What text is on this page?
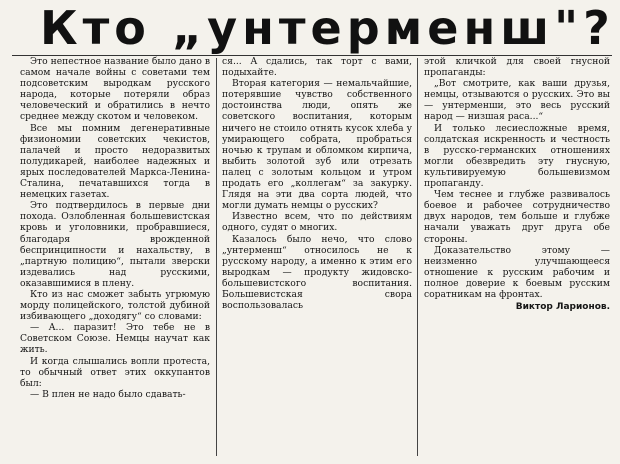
Кто „унтерменш"?

Это непестное название было дано в самом начале войны с советами тем подсоветским выродкам русского народа, которые потеряли образ человеческий и обратились в нечто среднее между скотом и человеком.

Все мы помним дегенеративные физиономии советских чекистов, палачей и просто недоразвитых полудикарей, наиболее надежных и ярых последователей Маркса-Ленина-Сталина, печатавшихся тогда в немецких газетах.

Это подтвердилось в первые дни похода. Озлобленная большевистская кровь и уголовники, пробравшиеся, благодаря врожденной беспринципности и нахальству, в „партную полицию“, пытали зверски издевались над русскими, оказавшимися в плену.

Кто из нас сможет забыть угрюмую морду полицейского, толстой дубиной избивающего „доходягу“ со словами:

— А... паразит! Это тебе не в Советском Союзе. Немцы научат как жить.

И когда слышались вопли протеста, то обычный ответ этих оккупантов был:

— В плен не надо было сдавать-

ся... А сдались, так торт с вами, подыхайте.

Вторая категория — немальчайшие, потерявшие чувство собственного достоинства люди, опять же советского воспитания, которым ничего не стоило отнять кусок хлеба у умирающего собрата, пробраться ночью к трупам и обломком кирпича, выбить золотой зуб или отрезать палец с золотым кольцом и утром продать его „коллегам“ за закурку. Глядя на эти два сорта людей, что могли думать немцы о русских?

Известно всем, что по действиям одного, судят о многих.

Казалось было нечо, что слово „унтерменш“ относилось не к русскому народу, а именно к этим его выродкам — продукту жидовско-большевистского воспитания. Большевистская свора воспользовалась

этой кличкой для своей гнусной пропаганды:

„Вот смотрите, как ваши друзья, немцы, отзываются о русских. Это вы — унтерменши, это весь русский народ — низшая раса...“

И только лесиесложные время, солдатская искренность и честность в русско-германских отношениях могли обезвредить эту гнусную, культивируемую большевизмом пропаганду.

Чем теснее и глубже развивалось боевое и рабочее сотрудничество двух народов, тем больше и глубже начали уважать друг друга обе стороны.

Доказательство этому — неизменно улучшающееся отношение к русским рабочим и полное доверие к боевым русским соратникам на фронтах.

Виктор Ларионов.
